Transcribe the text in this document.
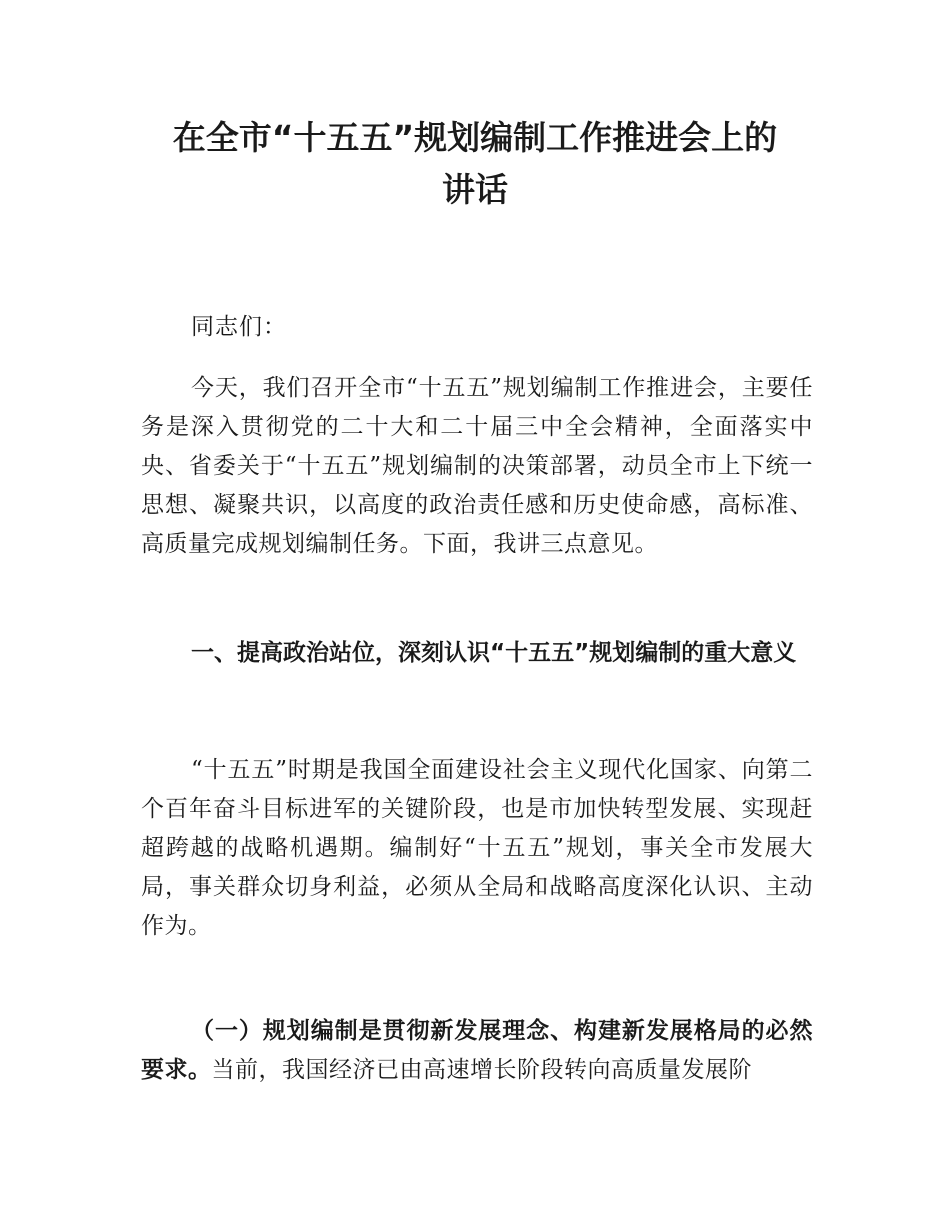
在全市“十五五”规划编制工作推进会上的
讲话

同志们：

今天，我们召开全市“十五五”规划编制工作推进会，主要任务是深入贯彻党的二十大和二十届三中全会精神，全面落实中央、省委关于“十五五”规划编制的决策部署，动员全市上下统一思想、凝聚共识，以高度的政治责任感和历史使命感，高标准、高质量完成规划编制任务。下面，我讲三点意见。

一、提高政治站位，深刻认识“十五五”规划编制的重大意义

“十五五”时期是我国全面建设社会主义现代化国家、向第二个百年奋斗目标进军的关键阶段，也是市加快转型发展、实现赶超跨越的战略机遇期。编制好“十五五”规划，事关全市发展大局，事关群众切身利益，必须从全局和战略高度深化认识、主动作为。

（一）规划编制是贯彻新发展理念、构建新发展格局的必然要求。当前，我国经济已由高速增长阶段转向高质量发展阶
